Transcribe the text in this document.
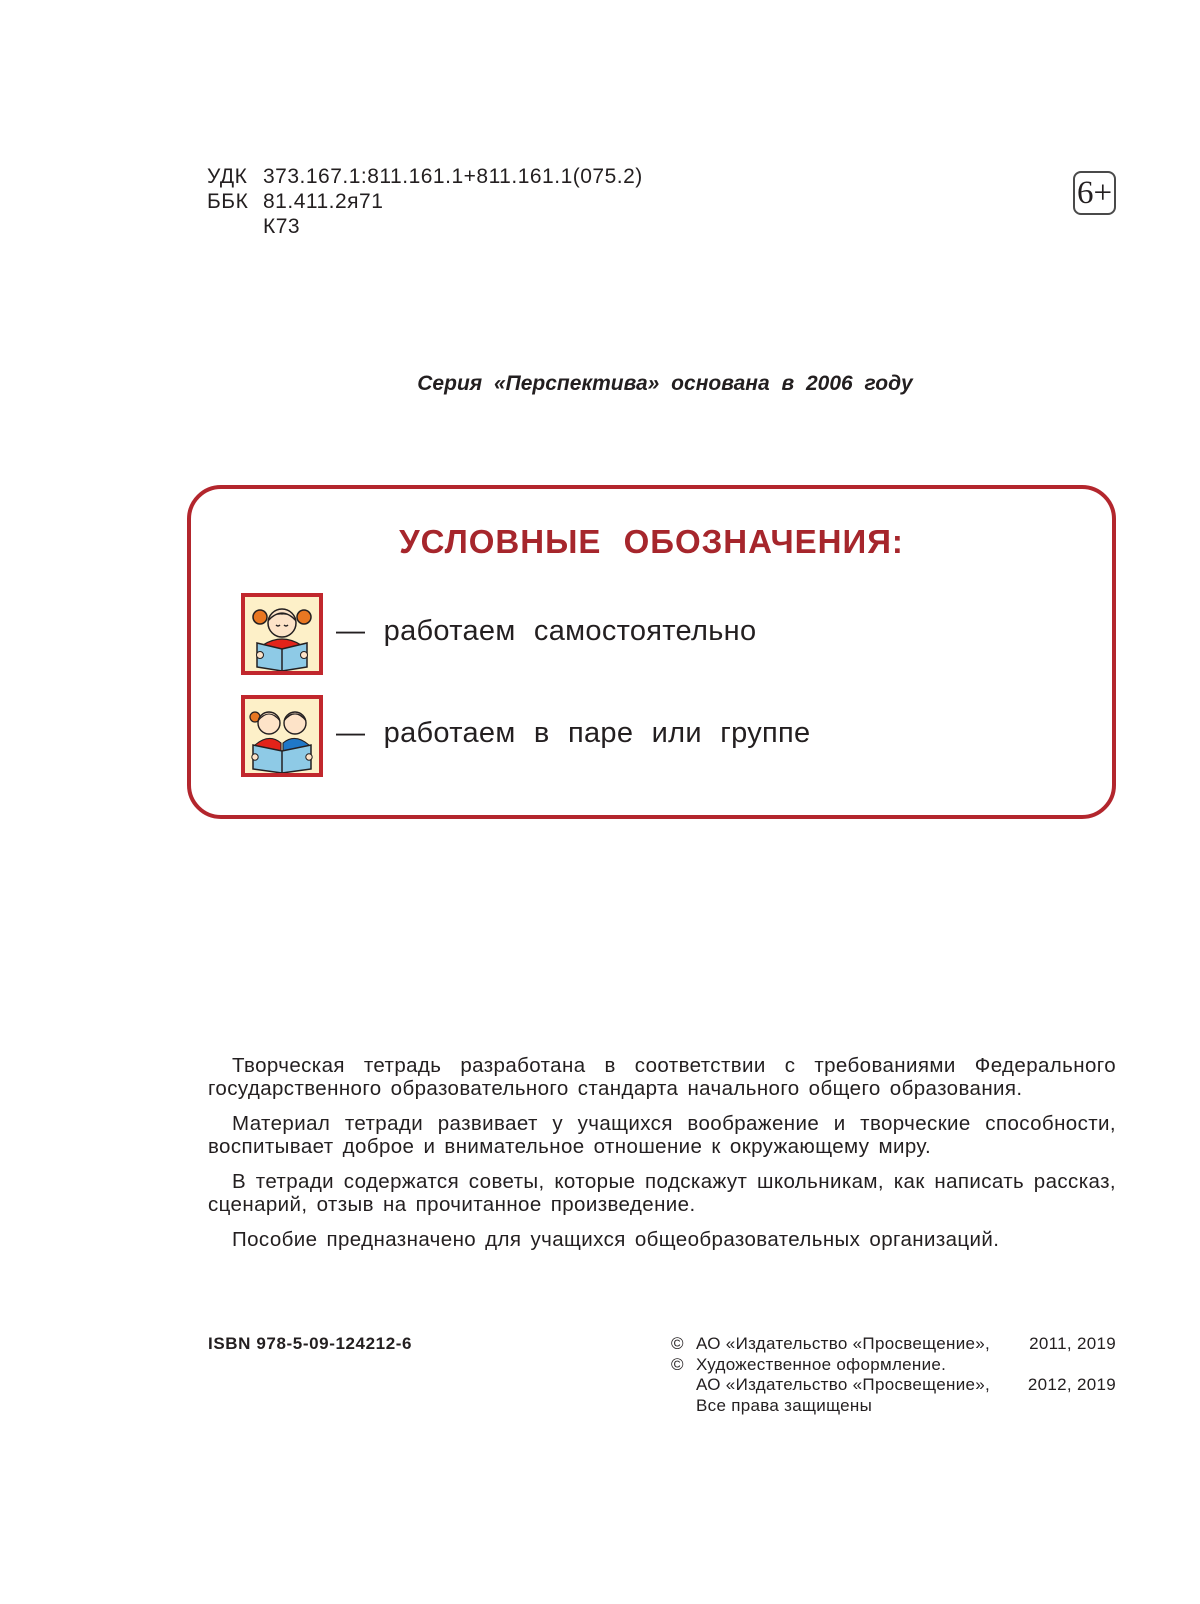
УДК 373.167.1:811.161.1+811.161.1(075.2)
ББК 81.411.2я71
К73
6+
Серия «Перспектива» основана в 2006 году
УСЛОВНЫЕ ОБОЗНАЧЕНИЯ:
— работаем самостоятельно
— работаем в паре или группе

Творческая тетрадь разработана в соответствии с требованиями Федерального государственного образовательного стандарта начального общего образования.

Материал тетради развивает у учащихся воображение и творческие способности, воспитывает доброе и внимательное отношение к окружающему миру.

В тетради содержатся советы, которые подскажут школьникам, как написать рассказ, сценарий, отзыв на прочитанное произведение.

Пособие предназначено для учащихся общеобразовательных организаций.

ISBN 978-5-09-124212-6	© АО «Издательство «Просвещение»,	2011, 2019
© Художественное оформление.
АО «Издательство «Просвещение»,	2012, 2019
Все права защищены
